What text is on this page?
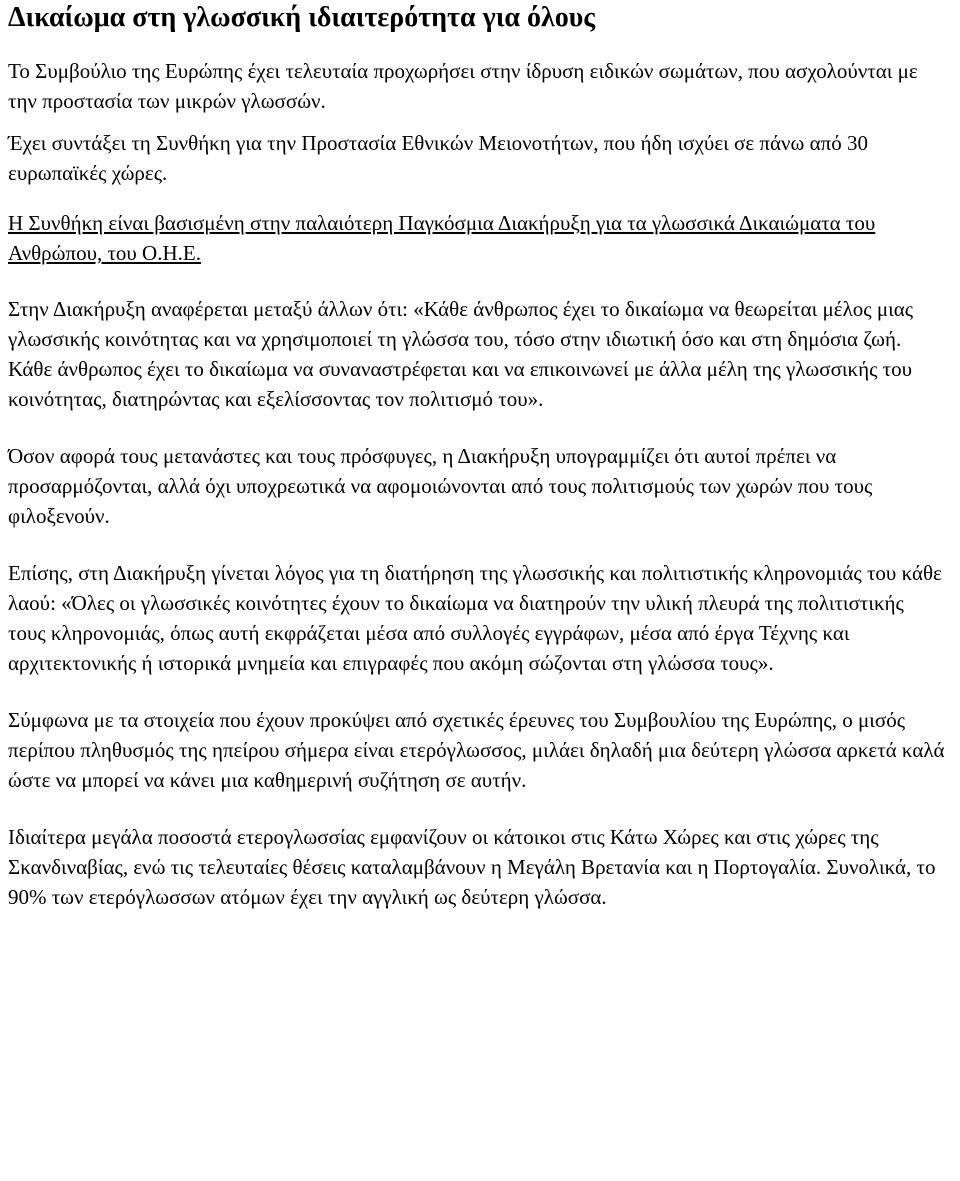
Δικαίωμα στη γλωσσική ιδιαιτερότητα για όλους

Το Συμβούλιο της Ευρώπης έχει τελευταία προχωρήσει στην ίδρυση ειδικών σωμάτων, που ασχολούνται με την προστασία των μικρών γλωσσών.

Έχει συντάξει τη Συνθήκη για την Προστασία Εθνικών Μειονοτήτων, που ήδη ισχύει σε πάνω από 30 ευρωπαϊκές χώρες.

Η Συνθήκη είναι βασισμένη στην παλαιότερη Παγκόσμια Διακήρυξη για τα γλωσσικά Δικαιώματα του Ανθρώπου, του Ο.Η.Ε.

Στην Διακήρυξη αναφέρεται μεταξύ άλλων ότι: «Κάθε άνθρωπος έχει το δικαίωμα να θεωρείται μέλος μιας γλωσσικής κοινότητας και να χρησιμοποιεί τη γλώσσα του, τόσο στην ιδιωτική όσο και στη δημόσια ζωή. Κάθε άνθρωπος έχει το δικαίωμα να συναναστρέφεται και να επικοινωνεί με άλλα μέλη της γλωσσικής του κοινότητας, διατηρώντας και εξελίσσοντας τον πολιτισμό του».

Όσον αφορά τους μετανάστες και τους πρόσφυγες, η Διακήρυξη υπογραμμίζει ότι αυτοί πρέπει να προσαρμόζονται, αλλά όχι υποχρεωτικά να αφομοιώνονται από τους πολιτισμούς των χωρών που τους φιλοξενούν.

Επίσης, στη Διακήρυξη γίνεται λόγος για τη διατήρηση της γλωσσικής και πολιτιστικής κληρονομιάς του κάθε λαού: «Όλες οι γλωσσικές κοινότητες έχουν το δικαίωμα να διατηρούν την υλική πλευρά της πολιτιστικής τους κληρονομιάς, όπως αυτή εκφράζεται μέσα από συλλογές εγγράφων, μέσα από έργα Τέχνης και αρχιτεκτονικής ή ιστορικά μνημεία και επιγραφές που ακόμη σώζονται στη γλώσσα τους».

Σύμφωνα με τα στοιχεία που έχουν προκύψει από σχετικές έρευνες του Συμβουλίου της Ευρώπης, ο μισός περίπου πληθυσμός της ηπείρου σήμερα είναι ετερόγλωσσος, μιλάει δηλαδή μια δεύτερη γλώσσα αρκετά καλά ώστε να μπορεί να κάνει μια καθημερινή συζήτηση σε αυτήν.

Ιδιαίτερα μεγάλα ποσοστά ετερογλωσσίας εμφανίζουν οι κάτοικοι στις Κάτω Χώρες και στις χώρες της Σκανδιναβίας, ενώ τις τελευταίες θέσεις καταλαμβάνουν η Μεγάλη Βρετανία και η Πορτογαλία. Συνολικά, το 90% των ετερόγλωσσων ατόμων έχει την αγγλική ως δεύτερη γλώσσα.
